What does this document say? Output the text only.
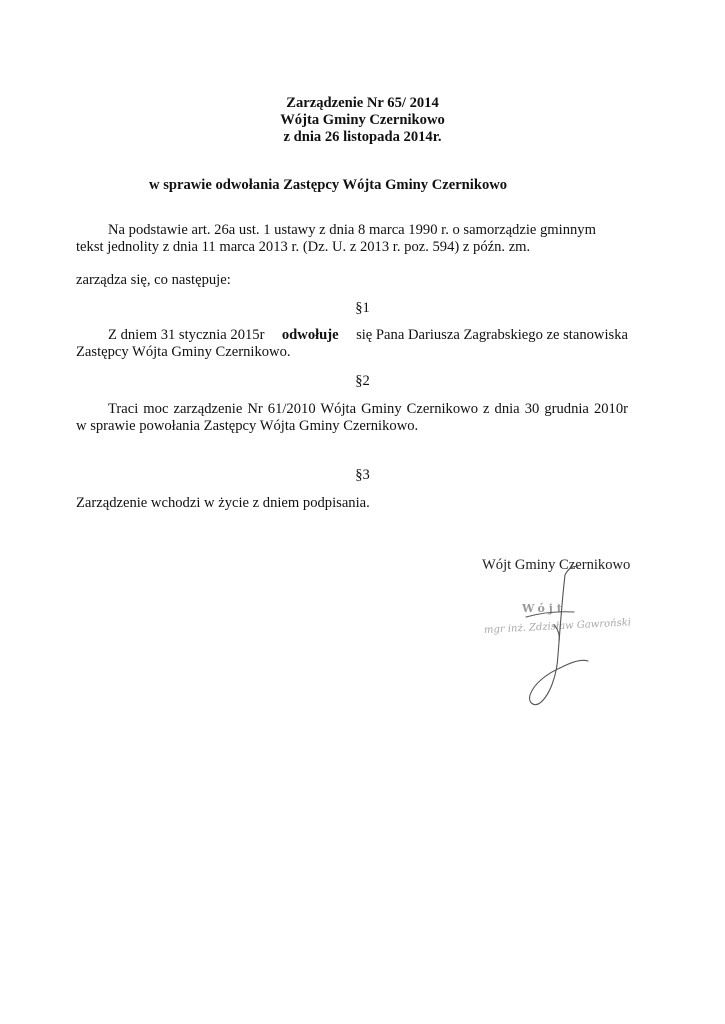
Zarządzenie Nr 65/ 2014
Wójta Gminy Czernikowo
z dnia 26 listopada 2014r.
w sprawie odwołania Zastępcy Wójta Gminy Czernikowo
Na podstawie art. 26a ust. 1 ustawy z dnia 8 marca 1990 r. o samorządzie gminnym
tekst jednolity z dnia 11 marca 2013 r. (Dz. U. z 2013 r. poz. 594) z późn. zm.
zarządza się, co następuje:
§1
Z dniem 31 stycznia 2015r odwołuje się Pana Dariusza Zagrabskiego ze stanowiska
Zastępcy Wójta Gminy Czernikowo.
§2
Traci moc zarządzenie Nr 61/2010 Wójta Gminy Czernikowo z dnia 30 grudnia 2010r
w sprawie powołania Zastępcy Wójta Gminy Czernikowo.
§3
Zarządzenie wchodzi w życie z dniem podpisania.
Wójt Gminy Czernikowo
Wójt
mgr inż. Zdzisław Gawroński
